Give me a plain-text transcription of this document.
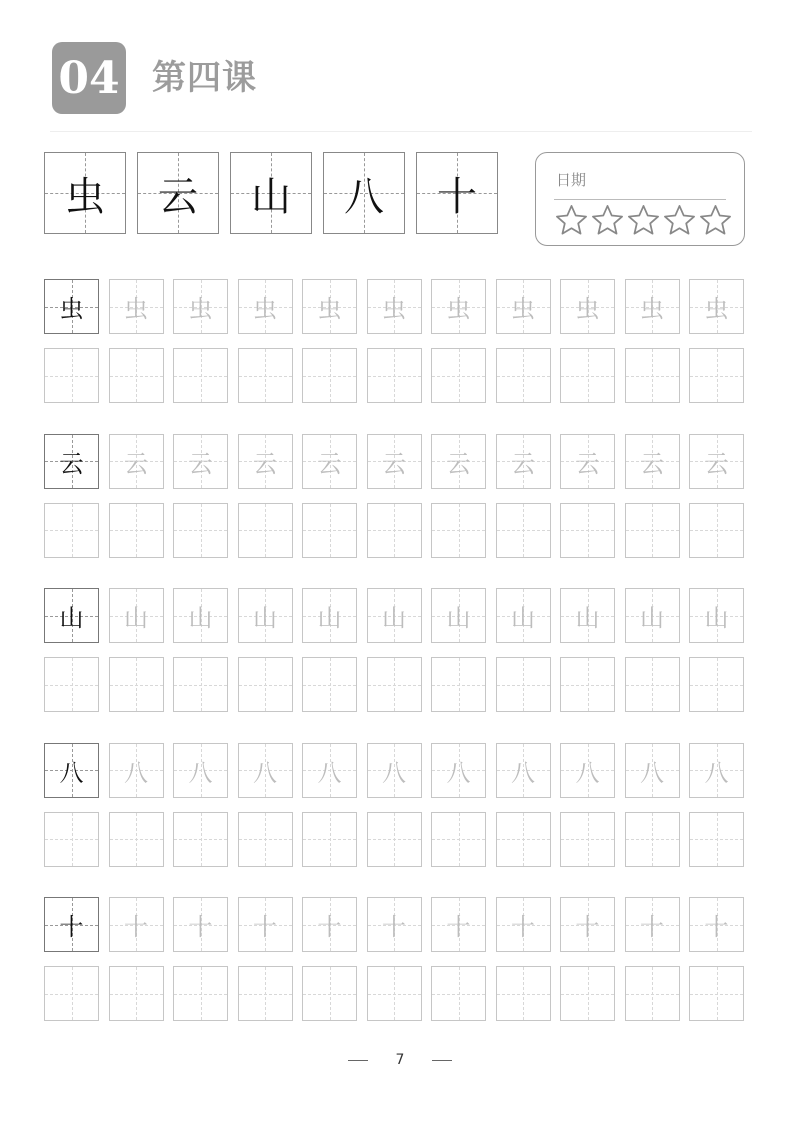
04 第四课
虫 云 山 八 十	日期
虫 虫 虫 虫 虫 虫 虫 虫 虫 虫 虫
云 云 云 云 云 云 云 云 云 云 云
山 山 山 山 山 山 山 山 山 山 山
八 八 八 八 八 八 八 八 八 八 八
十 十 十 十 十 十 十 十 十 十 十
7
